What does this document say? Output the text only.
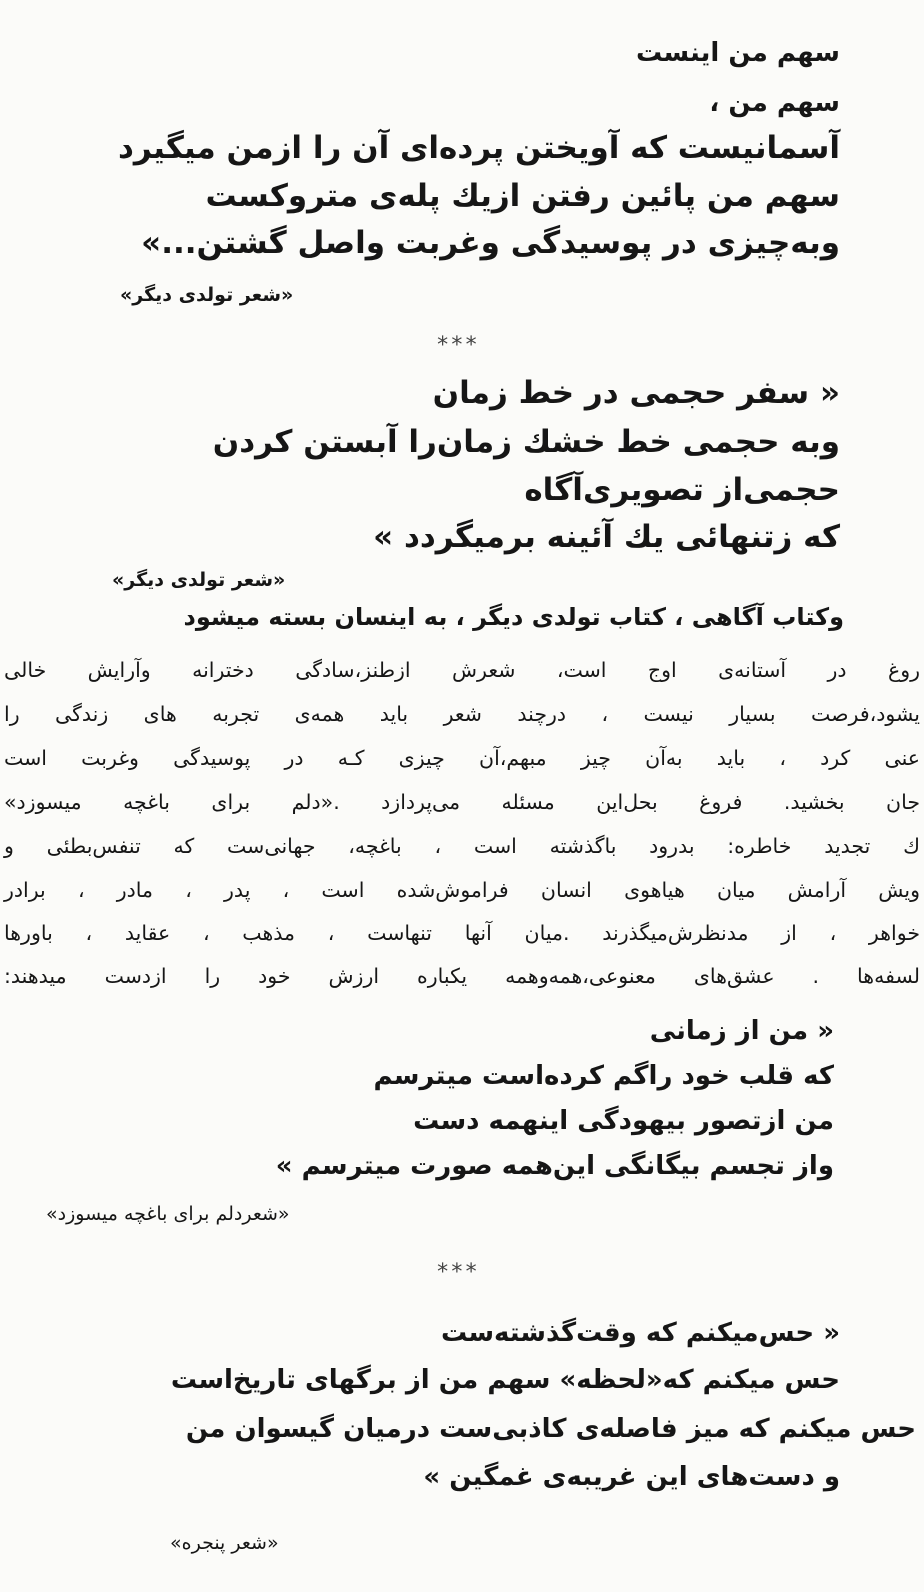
سهم من اینست
سهم من ،
آسمانیست که آویختن پرده‌ای آن را ازمن میگیرد
سهم من پائین رفتن ازیك پله‌ی متروکست
وبه‌چیزی در پوسیدگی وغربت واصل گشتن...»
«شعر تولدی دیگر»
***
« سفر حجمی در خط زمان
وبه حجمی خط خشك زمان‌را آبستن کردن
حجمی‌از تصویری‌آگاه
که زتنهائی یك آئینه برمیگردد »
«شعر تولدی دیگر»
وکتاب آگاهی ، کتاب تولدی دیگر ، به اینسان بسته میشود
روغ در آستانه‌ی اوج است، شعرش ازطنز،سادگی دخترانه وآرایش خالی
یشود،فرصت بسیار نیست ، درچند شعر باید همه‌ی تجربه های زندگی را
عنی کرد ، باید به‌آن چیز مبهم،آن چیزی کـه در پوسیدگی وغربت است
جان بخشید. فروغ بحل‌این مسئله می‌پردازد .«دلم برای باغچه میسوزد»
ك تجدید خاطره: بدرود باگذشته است ، باغچه، جهانی‌ست که تنفس‌بطئی و
ویش آرامش میان هیاهوی انسان فراموش‌شده است ، پدر ، مادر ، برادر
خواهر ، از مدنظرش‌میگذرند .میان آنها تنهاست ، مذهب ، عقاید ، باورها
لسفه‌ها . عشق‌های معنوعی،همه‌وهمه یکباره ارزش خود را ازدست میدهند:
« من از زمانی
که قلب خود راگم کرده‌است میترسم
من ازتصور بیهودگی اینهمه دست
واز تجسم بیگانگی این‌همه صورت میترسم »
«شعردلم برای باغچه میسوزد»
***
« حس‌میکنم که وقت‌گذشته‌ست
حس میکنم که«لحظه» سهم من از برگهای تاریخ‌است
حس میکنم که میز فاصله‌ی کاذبی‌ست درمیان گیسوان من
و دست‌های این غریبه‌ی غمگین »
«شعر پنجره»
